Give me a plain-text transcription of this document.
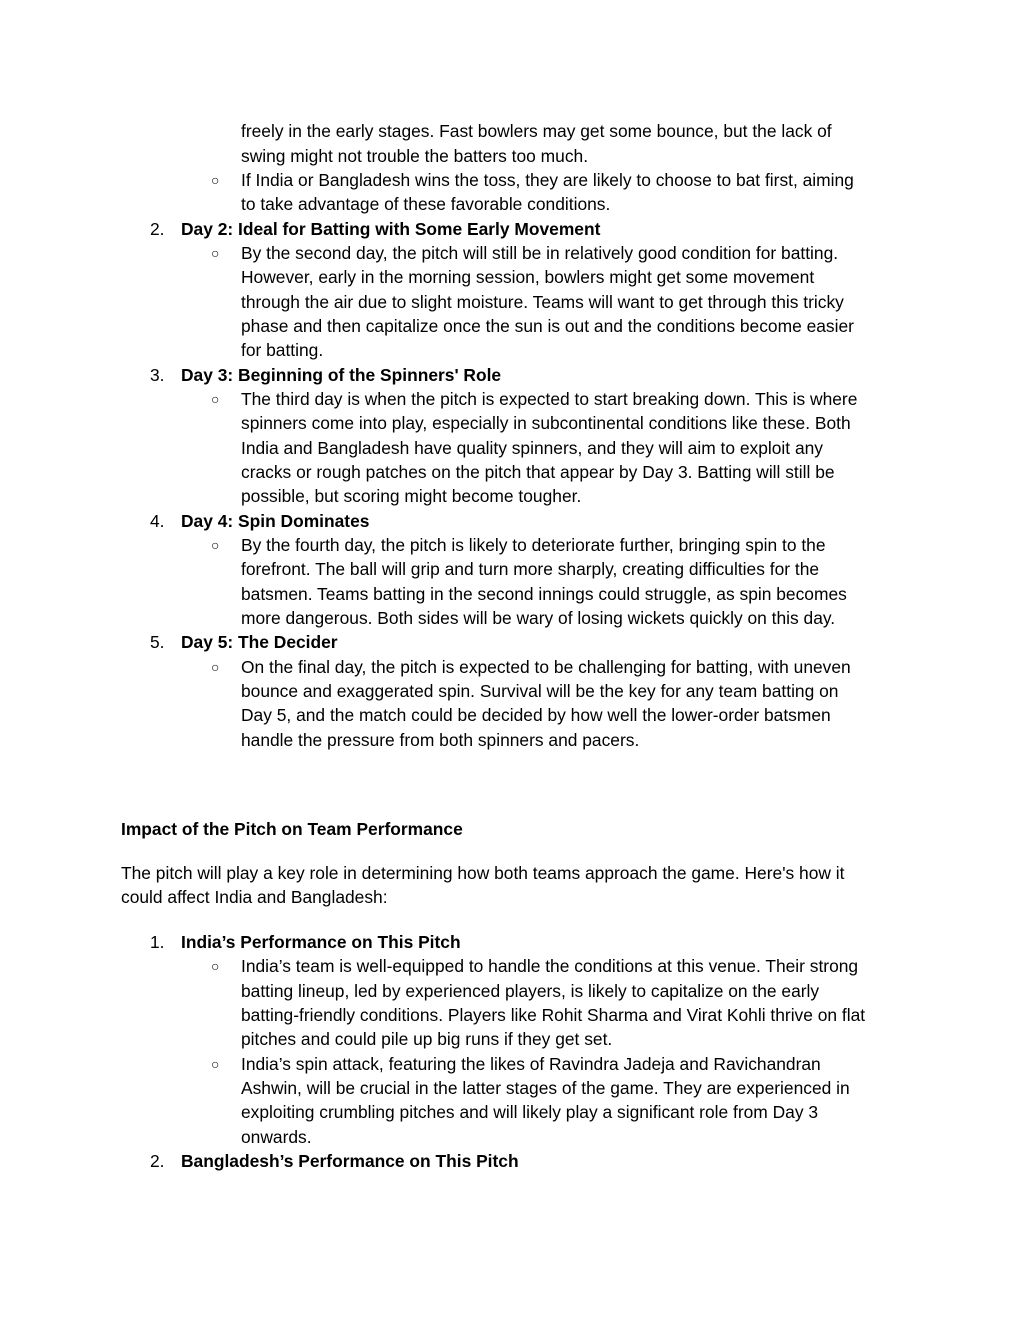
freely in the early stages. Fast bowlers may get some bounce, but the lack of
swing might not trouble the batters too much.
○ If India or Bangladesh wins the toss, they are likely to choose to bat first, aiming
to take advantage of these favorable conditions.
2. Day 2: Ideal for Batting with Some Early Movement
○ By the second day, the pitch will still be in relatively good condition for batting.
However, early in the morning session, bowlers might get some movement
through the air due to slight moisture. Teams will want to get through this tricky
phase and then capitalize once the sun is out and the conditions become easier
for batting.
3. Day 3: Beginning of the Spinners' Role
○ The third day is when the pitch is expected to start breaking down. This is where
spinners come into play, especially in subcontinental conditions like these. Both
India and Bangladesh have quality spinners, and they will aim to exploit any
cracks or rough patches on the pitch that appear by Day 3. Batting will still be
possible, but scoring might become tougher.
4. Day 4: Spin Dominates
○ By the fourth day, the pitch is likely to deteriorate further, bringing spin to the
forefront. The ball will grip and turn more sharply, creating difficulties for the
batsmen. Teams batting in the second innings could struggle, as spin becomes
more dangerous. Both sides will be wary of losing wickets quickly on this day.
5. Day 5: The Decider
○ On the final day, the pitch is expected to be challenging for batting, with uneven
bounce and exaggerated spin. Survival will be the key for any team batting on
Day 5, and the match could be decided by how well the lower-order batsmen
handle the pressure from both spinners and pacers.
Impact of the Pitch on Team Performance
The pitch will play a key role in determining how both teams approach the game. Here's how it
could affect India and Bangladesh:
1. India’s Performance on This Pitch
○ India’s team is well-equipped to handle the conditions at this venue. Their strong
batting lineup, led by experienced players, is likely to capitalize on the early
batting-friendly conditions. Players like Rohit Sharma and Virat Kohli thrive on flat
pitches and could pile up big runs if they get set.
○ India’s spin attack, featuring the likes of Ravindra Jadeja and Ravichandran
Ashwin, will be crucial in the latter stages of the game. They are experienced in
exploiting crumbling pitches and will likely play a significant role from Day 3
onwards.
2. Bangladesh’s Performance on This Pitch
